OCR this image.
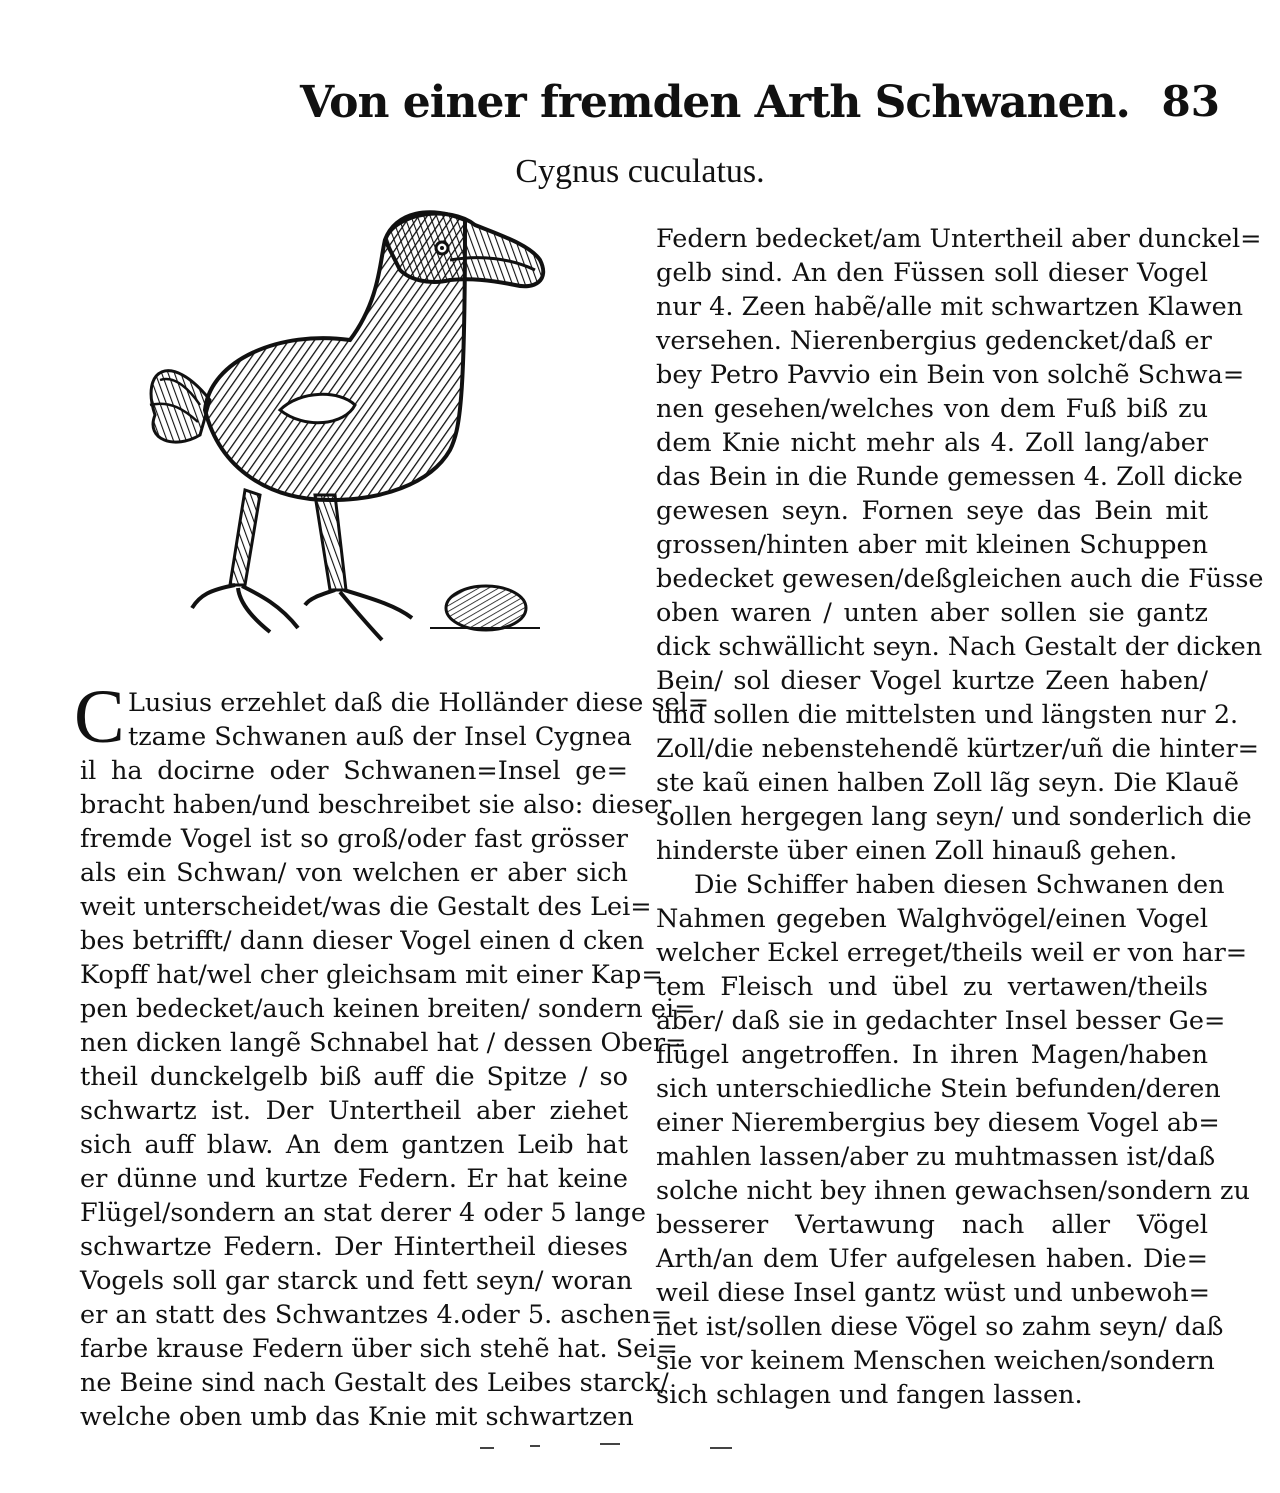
Von einer fremden Arth Schwanen. 83
Cygnus cuculatus.
C Lusius erzehlet daß die Holländer diese sel=
tzame Schwanen auß der Insel Cygnea
il ha docirne oder Schwanen=Insel ge=
bracht haben/und beschreibet sie also: dieser
fremde Vogel ist so groß/oder fast grösser
als ein Schwan/ von welchen er aber sich
weit unterscheidet/was die Gestalt des Lei=
bes betrifft/ dann dieser Vogel einen d cken
Kopff hat/wel cher gleichsam mit einer Kap=
pen bedecket/auch keinen breiten/ sondern ei=
nen dicken langẽ Schnabel hat / dessen Ober=
theil dunckelgelb biß auff die Spitze / so
schwartz ist. Der Untertheil aber ziehet
sich auff blaw. An dem gantzen Leib hat
er dünne und kurtze Federn. Er hat keine
Flügel/sondern an stat derer 4 oder 5 lange
schwartze Federn. Der Hintertheil dieses
Vogels soll gar starck und fett seyn/ woran
er an statt des Schwantzes 4.oder 5. aschen=
farbe krause Federn über sich stehẽ hat. Sei=
ne Beine sind nach Gestalt des Leibes starck/
welche oben umb das Knie mit schwartzen
Federn bedecket/am Untertheil aber dunckel=
gelb sind. An den Füssen soll dieser Vogel
nur 4. Zeen habẽ/alle mit schwartzen Klawen
versehen. Nierenbergius gedencket/daß er
bey Petro Pavvio ein Bein von solchẽ Schwa=
nen gesehen/welches von dem Fuß biß zu
dem Knie nicht mehr als 4. Zoll lang/aber
das Bein in die Runde gemessen 4. Zoll dicke
gewesen seyn. Fornen seye das Bein mit
grossen/hinten aber mit kleinen Schuppen
bedecket gewesen/deßgleichen auch die Füsse
oben waren / unten aber sollen sie gantz
dick schwällicht seyn. Nach Gestalt der dicken
Bein/ sol dieser Vogel kurtze Zeen haben/
und sollen die mittelsten und längsten nur 2.
Zoll/die nebenstehendẽ kürtzer/uñ die hinter=
ste kaũ einen halben Zoll lãg seyn. Die Klauẽ
sollen hergegen lang seyn/ und sonderlich die
hinderste über einen Zoll hinauß gehen.
Die Schiffer haben diesen Schwanen den
Nahmen gegeben Walghvögel/einen Vogel
welcher Eckel erreget/theils weil er von har=
tem Fleisch und übel zu vertawen/theils
aber/ daß sie in gedachter Insel besser Ge=
flügel angetroffen. In ihren Magen/haben
sich unterschiedliche Stein befunden/deren
einer Nierembergius bey diesem Vogel ab=
mahlen lassen/aber zu muhtmassen ist/daß
solche nicht bey ihnen gewachsen/sondern zu
besserer Vertawung nach aller Vögel
Arth/an dem Ufer aufgelesen haben. Die=
weil diese Insel gantz wüst und unbewoh=
net ist/sollen diese Vögel so zahm seyn/ daß
sie vor keinem Menschen weichen/sondern
sich schlagen und fangen lassen.
